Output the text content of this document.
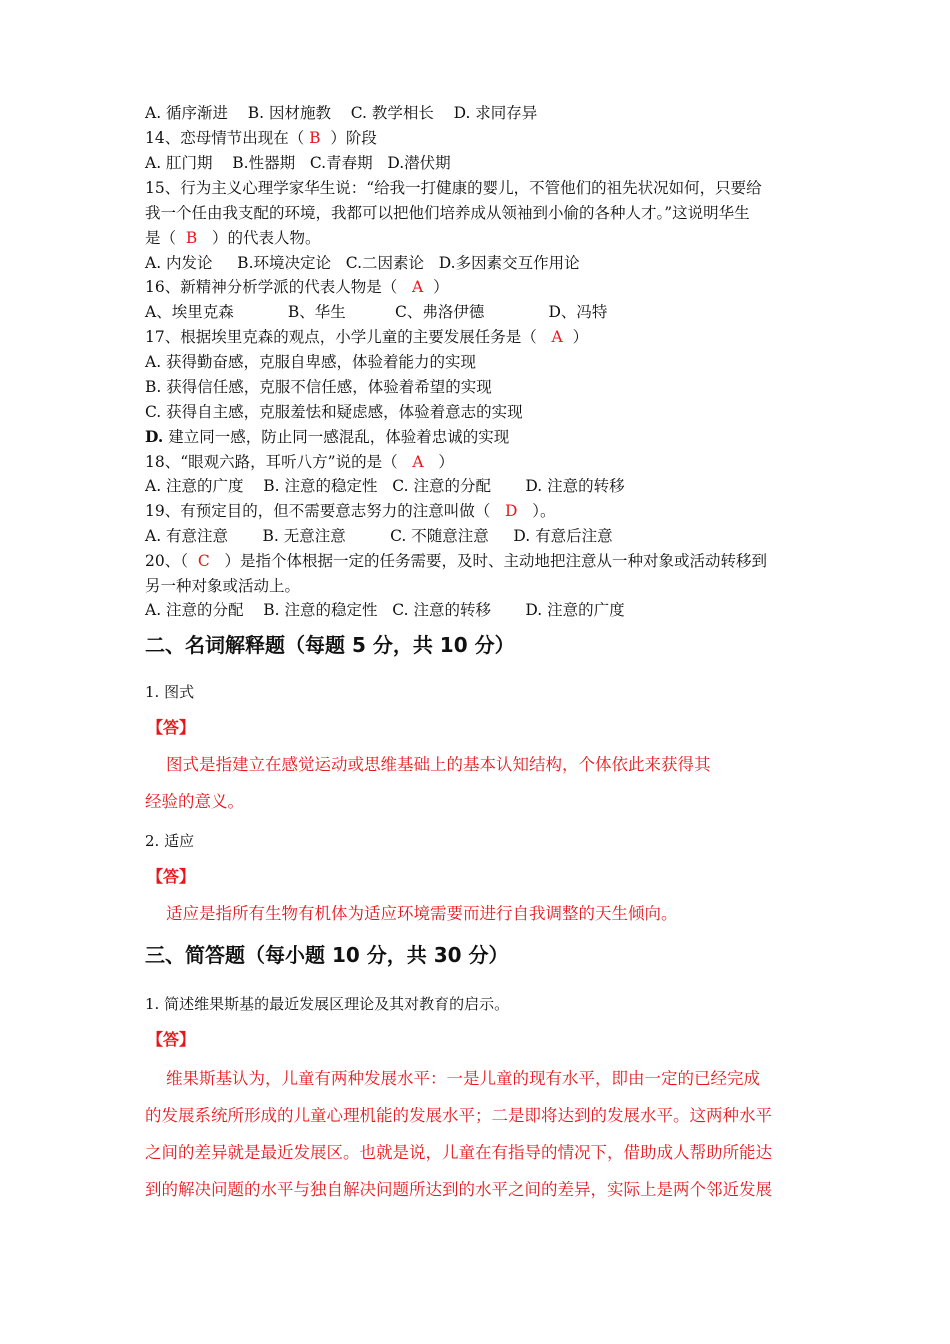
A. 循序渐进    B. 因材施教    C. 教学相长    D. 求同存异
14、恋母情节出现在（ B  ）阶段
A. 肛门期    B.性器期   C.青春期   D.潜伏期
15、行为主义心理学家华生说：“给我一打健康的婴儿，不管他们的祖先状况如何，只要给
我一个任由我支配的环境，我都可以把他们培养成从领袖到小偷的各种人才。”这说明华生
是（  B   ）的代表人物。
A. 内发论     B.环境决定论   C.二因素论   D.多因素交互作用论
16、新精神分析学派的代表人物是（   A  ）
A、埃里克森           B、华生          C、弗洛伊德             D、冯特
17、根据埃里克森的观点，小学儿童的主要发展任务是（   A  ）
A. 获得勤奋感，克服自卑感，体验着能力的实现
B. 获得信任感，克服不信任感，体验着希望的实现
C. 获得自主感，克服羞怯和疑虑感，体验着意志的实现
D. 建立同一感，防止同一感混乱，体验着忠诚的实现
18、“眼观六路，耳听八方”说的是（   A   ）
A. 注意的广度    B. 注意的稳定性   C. 注意的分配       D. 注意的转移
19、有预定目的，但不需要意志努力的注意叫做（   D   ）。
A. 有意注意       B. 无意注意         C. 不随意注意     D. 有意后注意
20、（  C   ）是指个体根据一定的任务需要，及时、主动地把注意从一种对象或活动转移到
另一种对象或活动上。
A. 注意的分配    B. 注意的稳定性   C. 注意的转移       D. 注意的广度
二、名词解释题（每题 5 分，共 10 分）
1. 图式
【答】
图式是指建立在感觉运动或思维基础上的基本认知结构，个体依此来获得其
经验的意义。
2. 适应
【答】
适应是指所有生物有机体为适应环境需要而进行自我调整的天生倾向。
三、简答题（每小题 10 分，共 30 分）
1. 简述维果斯基的最近发展区理论及其对教育的启示。
【答】
维果斯基认为，儿童有两种发展水平：一是儿童的现有水平，即由一定的已经完成
的发展系统所形成的儿童心理机能的发展水平；二是即将达到的发展水平。这两种水平
之间的差异就是最近发展区。也就是说，儿童在有指导的情况下，借助成人帮助所能达
到的解决问题的水平与独自解决问题所达到的水平之间的差异，实际上是两个邻近发展
